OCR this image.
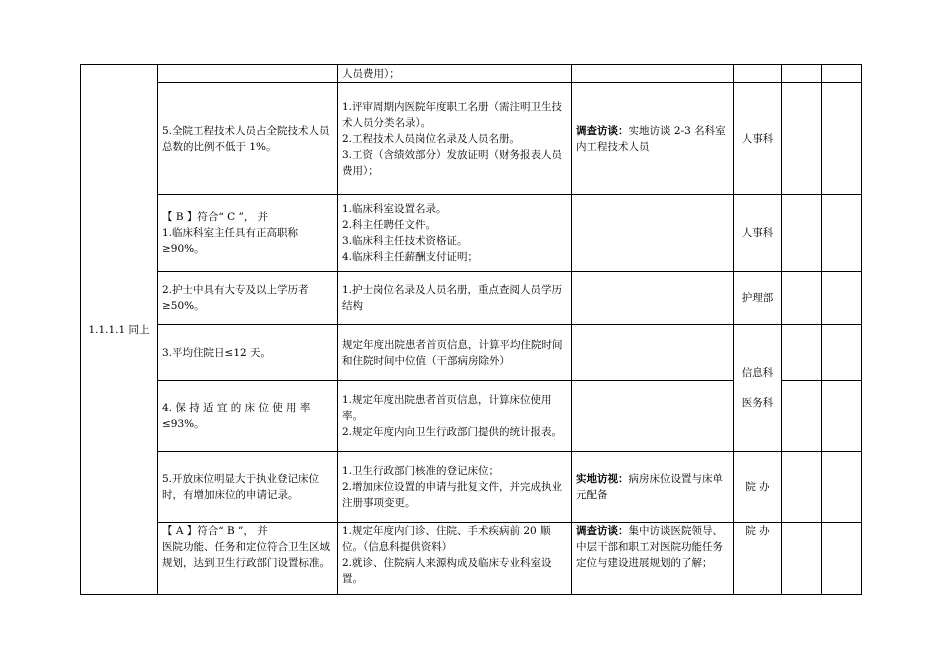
1.1.1.1 同上		人员费用）；				
	5.全院工程技术人员占全院技术人员总数的比例不低于 1%。	1.评审周期内医院年度职工名册（需注明卫生技术人员分类名录）。
2.工程技术人员岗位名录及人员名册。
3.工资（含绩效部分）发放证明（财务报表人员费用）；	调查访谈：实地访谈 2-3 名科室内工程技术人员	人事科		
	【 B 】符合“ C ”， 并
1.临床科室主任具有正高职称≥90%。	1.临床科室设置名录。
2.科主任聘任文件。
3.临床科主任技术资格证。
4.临床科主任薪酬支付证明；		人事科		
	2.护士中具有大专及以上学历者≥50%。	1.护士岗位名录及人员名册，重点查阅人员学历结构		护理部		
	3.平均住院日≤12 天。	规定年度出院患者首页信息，计算平均住院时间和住院时间中位值（干部病房除外）		信息科
医务科		

	4. 保 持 适 宜 的 床 位 使 用 率 ≤93%。	1.规定年度出院患者首页信息，计算床位使用率。
2.规定年度内向卫生行政部门提供的统计报表。				

	5.开放床位明显大于执业登记床位时，有增加床位的申请记录。	1.卫生行政部门核准的登记床位；
2.增加床位设置的申请与批复文件，并完成执业注册事项变更。	实地访视：病房床位设置与床单元配备	院 办		
	【 A 】符合“ B ”， 并
医院功能、任务和定位符合卫生区域规划，达到卫生行政部门设置标准。	1.规定年度内门诊、住院、手术疾病前 20 顺位。（信息科提供资料）
2.就诊、住院病人来源构成及临床专业科室设置。	调查访谈：集中访谈医院领导、中层干部和职工对医院功能任务定位与建设进展规划的了解；	院 办		
